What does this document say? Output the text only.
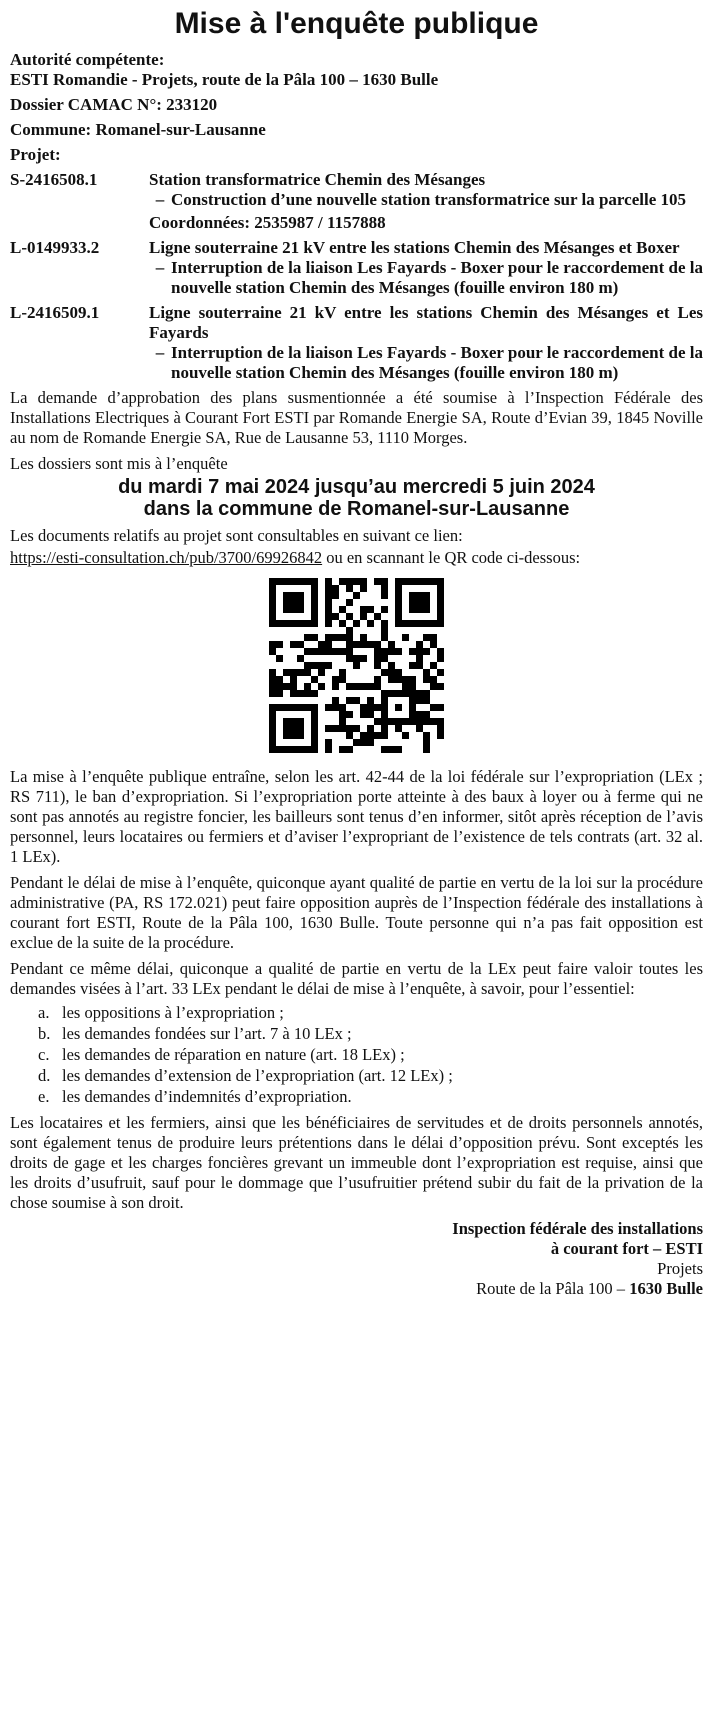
Mise à l'enquête publique
Autorité compétente:
ESTI Romandie - Projets, route de la Pâla 100 – 1630 Bulle
Dossier CAMAC N°: 233120
Commune: Romanel-sur-Lausanne
Projet:
S-2416508.1	Station transformatrice Chemin des Mésanges
– Construction d’une nouvelle station transformatrice sur la parcelle 105
Coordonnées: 2535987 / 1157888
L-0149933.2	Ligne souterraine 21 kV entre les stations Chemin des Mésanges et Boxer
– Interruption de la liaison Les Fayards - Boxer pour le raccordement de la nouvelle station Chemin des Mésanges (fouille environ 180 m)
L-2416509.1	Ligne souterraine 21 kV entre les stations Chemin des Mésanges et Les Fayards
– Interruption de la liaison Les Fayards - Boxer pour le raccordement de la nouvelle station Chemin des Mésanges (fouille environ 180 m)

La demande d’approbation des plans susmentionnée a été soumise à l’Inspection Fédérale des Installations Electriques à Courant Fort ESTI par Romande Energie SA, Route d’Evian 39, 1845 Noville au nom de Romande Energie SA, Rue de Lausanne 53, 1110 Morges.

Les dossiers sont mis à l’enquête

du mardi 7 mai 2024 jusqu’au mercredi 5 juin 2024
dans la commune de Romanel-sur-Lausanne

Les documents relatifs au projet sont consultables en suivant ce lien:

https://esti-consultation.ch/pub/3700/69926842 ou en scannant le QR code ci-dessous:

La mise à l’enquête publique entraîne, selon les art. 42-44 de la loi fédérale sur l’expropriation (LEx ; RS 711), le ban d’expropriation. Si l’expropriation porte atteinte à des baux à loyer ou à ferme qui ne sont pas annotés au registre foncier, les bailleurs sont tenus d’en informer, sitôt après réception de l’avis personnel, leurs locataires ou fermiers et d’aviser l’expropriant de l’existence de tels contrats (art. 32 al. 1 LEx).

Pendant le délai de mise à l’enquête, quiconque ayant qualité de partie en vertu de la loi sur la procédure administrative (PA, RS 172.021) peut faire opposition auprès de l’Inspection fédérale des installations à courant fort ESTI, Route de la Pâla 100, 1630 Bulle. Toute personne qui n’a pas fait opposition est exclue de la suite de la procédure.

Pendant ce même délai, quiconque a qualité de partie en vertu de la LEx peut faire valoir toutes les demandes visées à l’art. 33 LEx pendant le délai de mise à l’enquête, à savoir, pour l’essentiel:

a. les oppositions à l’expropriation ;
b. les demandes fondées sur l’art. 7 à 10 LEx ;
c. les demandes de réparation en nature (art. 18 LEx) ;
d. les demandes d’extension de l’expropriation (art. 12 LEx) ;
e. les demandes d’indemnités d’expropriation.

Les locataires et les fermiers, ainsi que les bénéficiaires de servitudes et de droits personnels annotés, sont également tenus de produire leurs prétentions dans le délai d’opposition prévu. Sont exceptés les droits de gage et les charges foncières grevant un immeuble dont l’expropriation est requise, ainsi que les droits d’usufruit, sauf pour le dommage que l’usufruitier prétend subir du fait de la privation de la chose soumise à son droit.

Inspection fédérale des installations
à courant fort – ESTI
Projets
Route de la Pâla 100 – 1630 Bulle
